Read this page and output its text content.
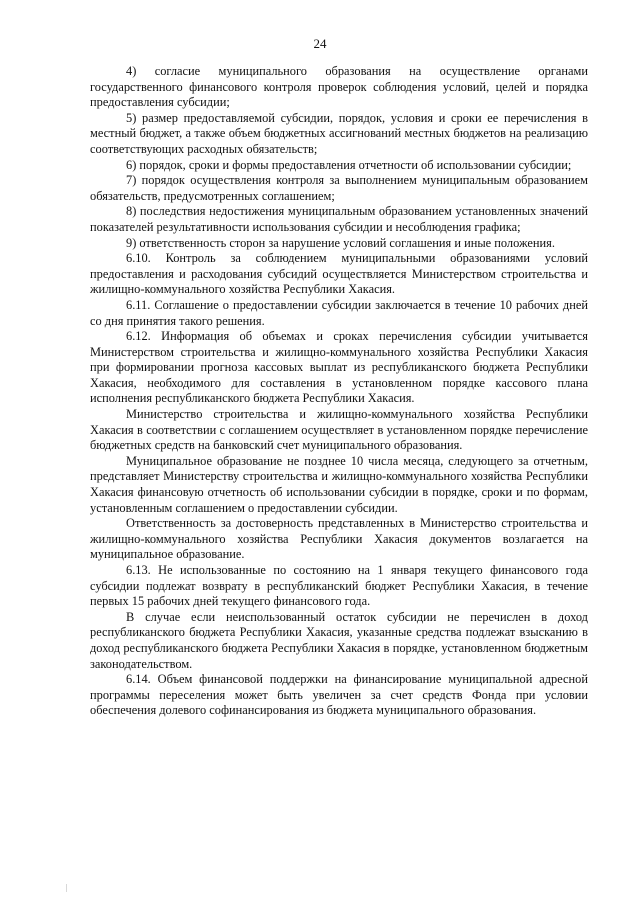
24

4) согласие муниципального образования на осуществление органами государственного финансового контроля проверок соблюдения условий, целей и порядка предоставления субсидии;

5) размер предоставляемой субсидии, порядок, условия и сроки ее перечисления в местный бюджет, а также объем бюджетных ассигнований местных бюджетов на реализацию соответствующих расходных обязательств;

6) порядок, сроки и формы предоставления отчетности об использовании субсидии;

7) порядок осуществления контроля за выполнением муниципальным образованием обязательств, предусмотренных соглашением;

8) последствия недостижения муниципальным образованием установленных значений показателей результативности использования субсидии и несоблюдения графика;

9) ответственность сторон за нарушение условий соглашения и иные положения.

6.10. Контроль за соблюдением муниципальными образованиями условий предоставления и расходования субсидий осуществляется Министерством строительства и жилищно-коммунального хозяйства Республики Хакасия.

6.11. Соглашение о предоставлении субсидии заключается в течение 10 рабочих дней со дня принятия такого решения.

6.12. Информация об объемах и сроках перечисления субсидии учитывается Министерством строительства и жилищно-коммунального хозяйства Республики Хакасия при формировании прогноза кассовых выплат из республиканского бюджета Республики Хакасия, необходимого для составления в установленном порядке кассового плана исполнения республиканского бюджета Республики Хакасия.

Министерство строительства и жилищно-коммунального хозяйства Республики Хакасия в соответствии с соглашением осуществляет в установленном порядке перечисление бюджетных средств на банковский счет муниципального образования.

Муниципальное образование не позднее 10 числа месяца, следующего за отчетным, представляет Министерству строительства и жилищно-коммунального хозяйства Республики Хакасия финансовую отчетность об использовании субсидии в порядке, сроки и по формам, установленным соглашением о предоставлении субсидии.

Ответственность за достоверность представленных в Министерство строительства и жилищно-коммунального хозяйства Республики Хакасия документов возлагается на муниципальное образование.

6.13. Не использованные по состоянию на 1 января текущего финансового года субсидии подлежат возврату в республиканский бюджет Республики Хакасия, в течение первых 15 рабочих дней текущего финансового года.

В случае если неиспользованный остаток субсидии не перечислен в доход республиканского бюджета Республики Хакасия, указанные средства подлежат взысканию в доход республиканского бюджета Республики Хакасия в порядке, установленном бюджетным законодательством.

6.14. Объем финансовой поддержки на финансирование муниципальной адресной программы переселения может быть увеличен за счет средств Фонда при условии обеспечения долевого софинансирования из бюджета муниципального образования.
